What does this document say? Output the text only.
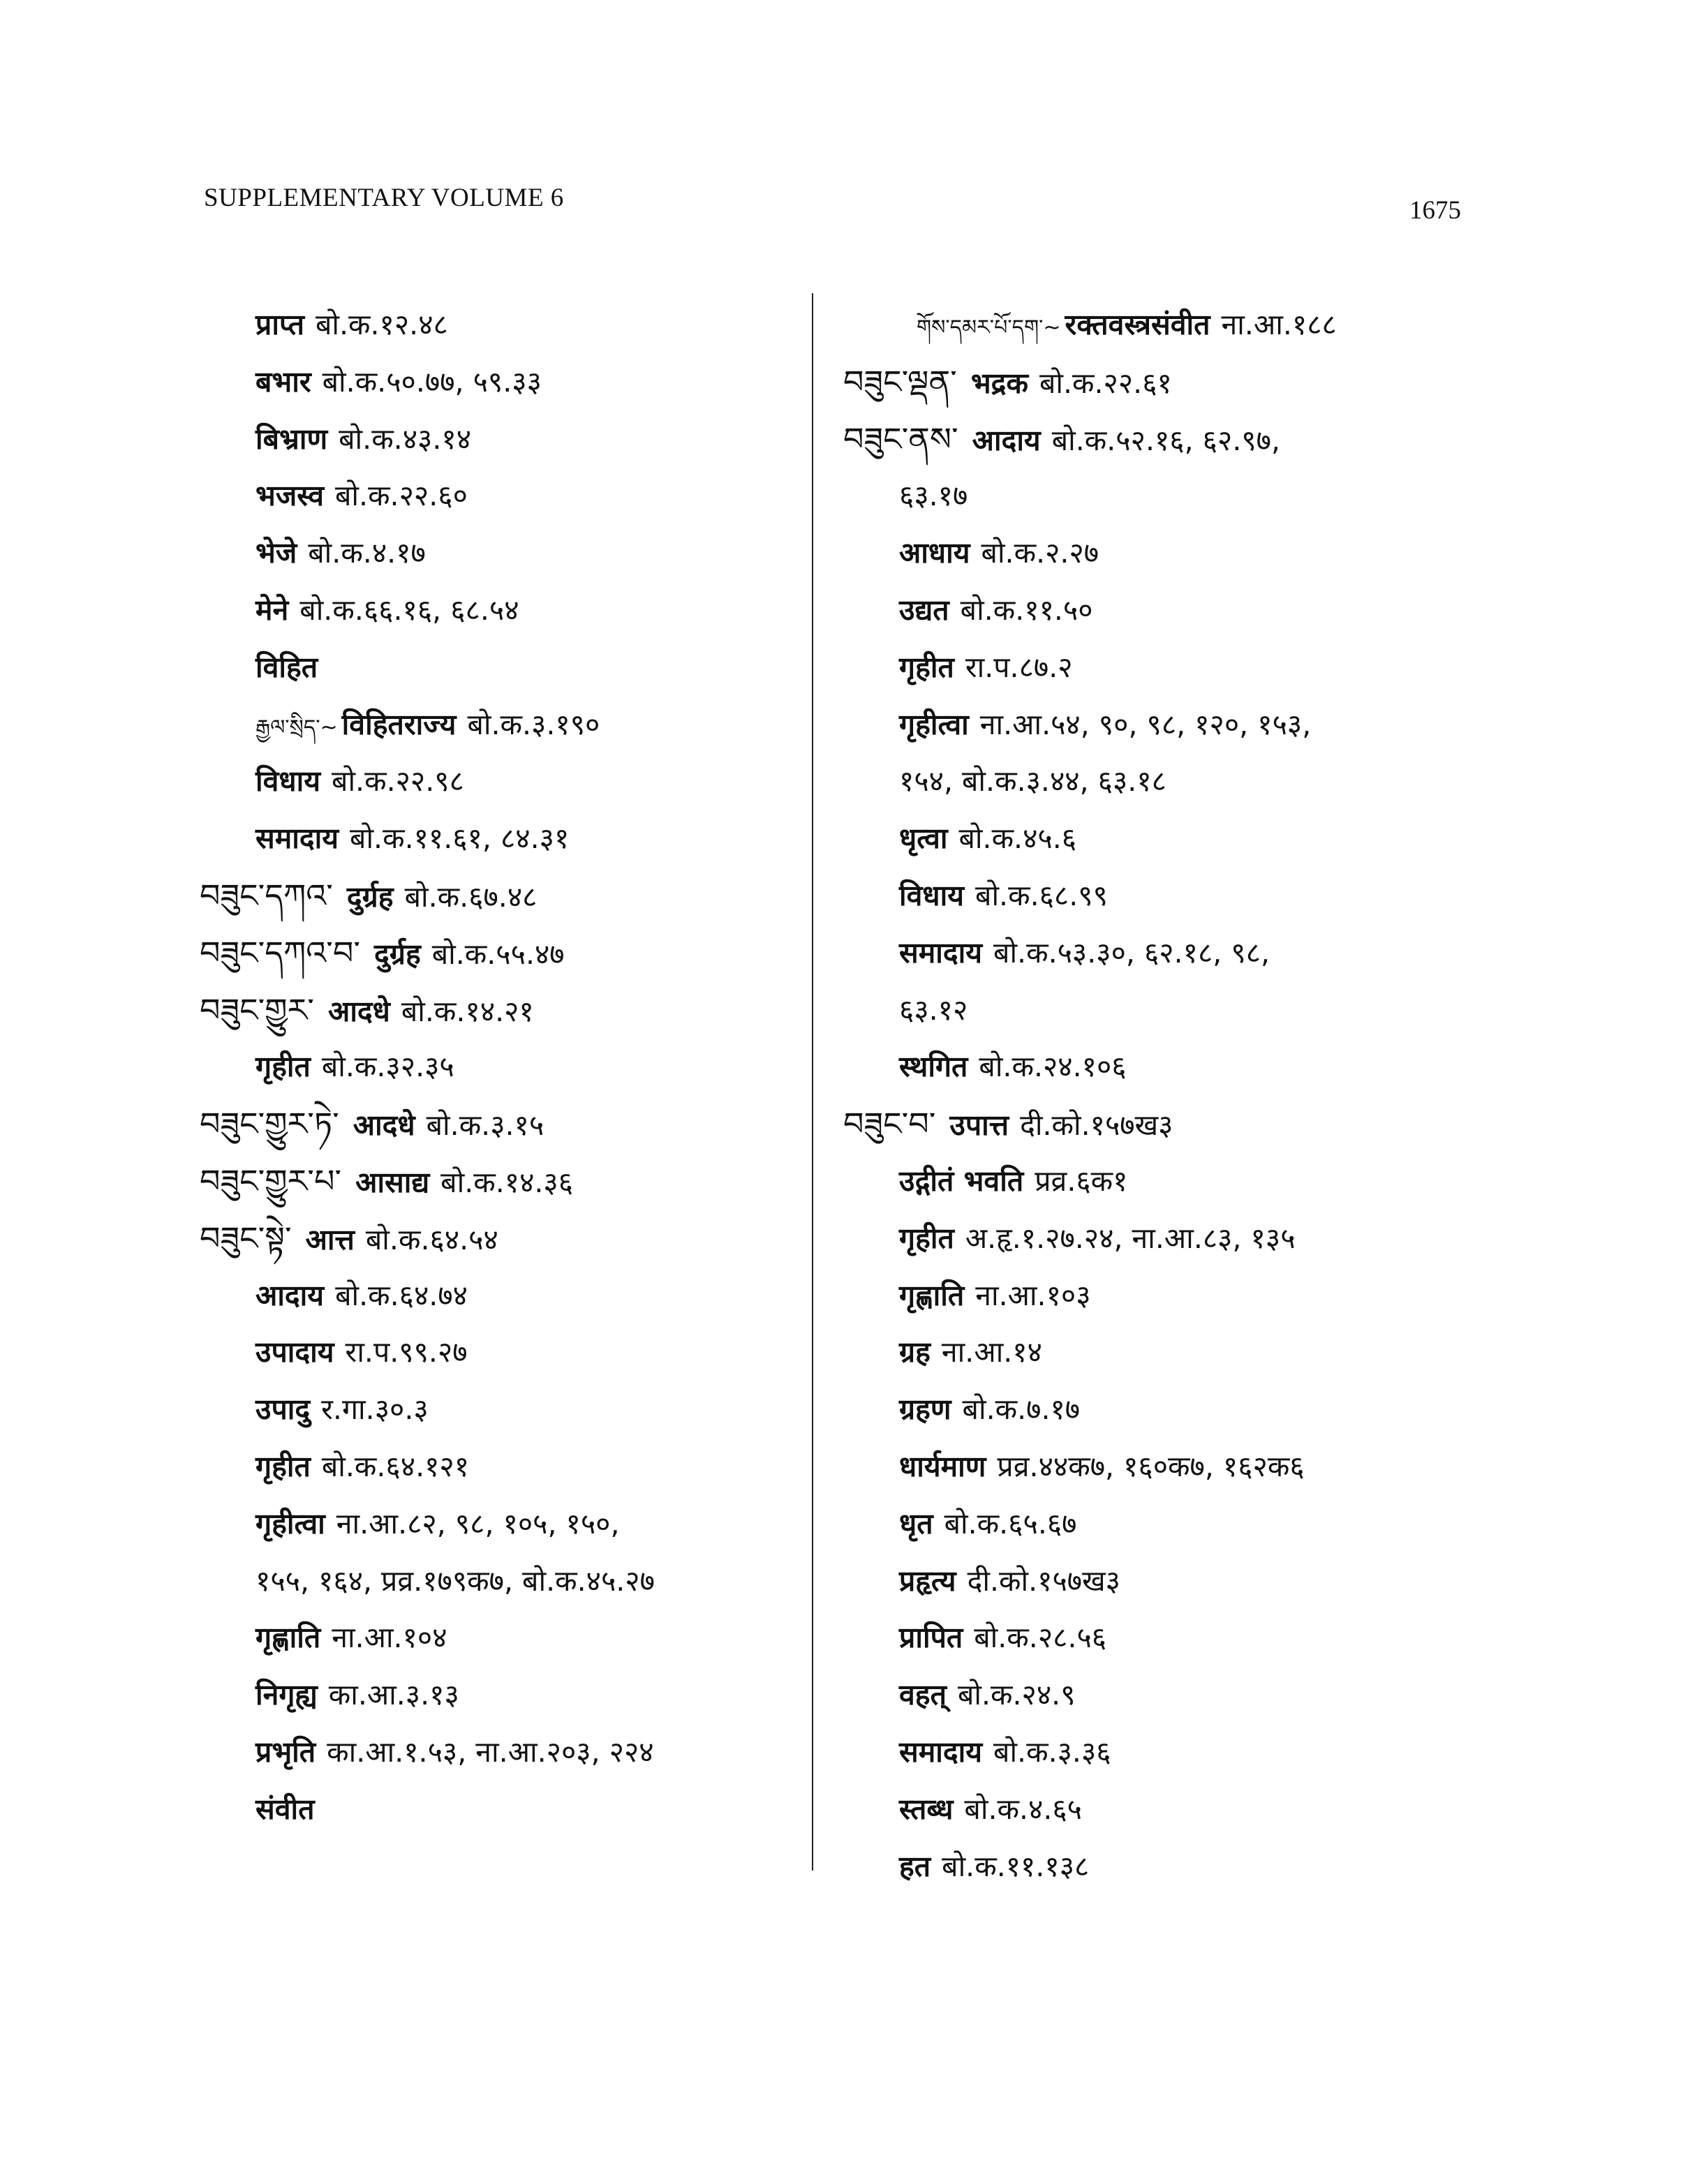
SUPPLEMENTARY VOLUME 6	1675
प्राप्त बो.क.१२.४८
बभार बो.क.५०.७७, ५९.३३
बिभ्राण बो.क.४३.१४
भजस्व बो.क.२२.६०
भेजे बो.क.४.१७
मेने बो.क.६६.१६, ६८.५४
विहित
རྒྱལ་སྲིད་~ विहितराज्य बो.क.३.१९०
विधाय बो.क.२२.९८
समादाय बो.क.११.६१, ८४.३१
བཟུང་དཀའ་ दुर्ग्रह बो.क.६७.४८
བཟུང་དཀའ་བ་ दुर्ग्रह बो.क.५५.४७
བཟུང་གྱུར་ आदधे बो.क.१४.२१
गृहीत बो.क.३२.३५
བཟུང་གྱུར་ཏེ་ आदधे बो.क.३.१५
བཟུང་གྱུར་པ་ आसाद्य बो.क.१४.३६
བཟུང་སྟེ་ आत्त बो.क.६४.५४
आदाय बो.क.६४.७४
उपादाय रा.प.९९.२७
उपादु र.गा.३०.३
गृहीत बो.क.६४.१२१
गृहीत्वा ना.आ.८२, ९८, १०५, १५०,
१५५, १६४, प्रव्र.१७९क७, बो.क.४५.२७
गृह्णाति ना.आ.१०४
निगृह्य का.आ.३.१३
प्रभृति का.आ.१.५३, ना.आ.२०३, २२४
संवीत
གོས་དམར་པོ་དག་~ रक्तवस्त्रसंवीत ना.आ.१८८
བཟུང་ལྡན་ भद्रक बो.क.२२.६१
བཟུང་ནས་ आदाय बो.क.५२.१६, ६२.९७,
६३.१७
आधाय बो.क.२.२७
उद्यत बो.क.११.५०
गृहीत रा.प.८७.२
गृहीत्वा ना.आ.५४, ९०, ९८, १२०, १५३,
१५४, बो.क.३.४४, ६३.१८
धृत्वा बो.क.४५.६
विधाय बो.क.६८.९९
समादाय बो.क.५३.३०, ६२.१८, ९८,
६३.१२
स्थगित बो.क.२४.१०६
བཟུང་བ་ उपात्त दी.को.१५७ख३
उद्गीतं भवति प्रव्र.६क१
गृहीत अ.हृ.१.२७.२४, ना.आ.८३, १३५
गृह्णाति ना.आ.१०३
ग्रह ना.आ.१४
ग्रहण बो.क.७.१७
धार्यमाण प्रव्र.४४क७, १६०क७, १६२क६
धृत बो.क.६५.६७
प्रहृत्य दी.को.१५७ख३
प्रापित बो.क.२८.५६
वहत् बो.क.२४.९
समादाय बो.क.३.३६
स्तब्ध बो.क.४.६५
हत बो.क.११.१३८
